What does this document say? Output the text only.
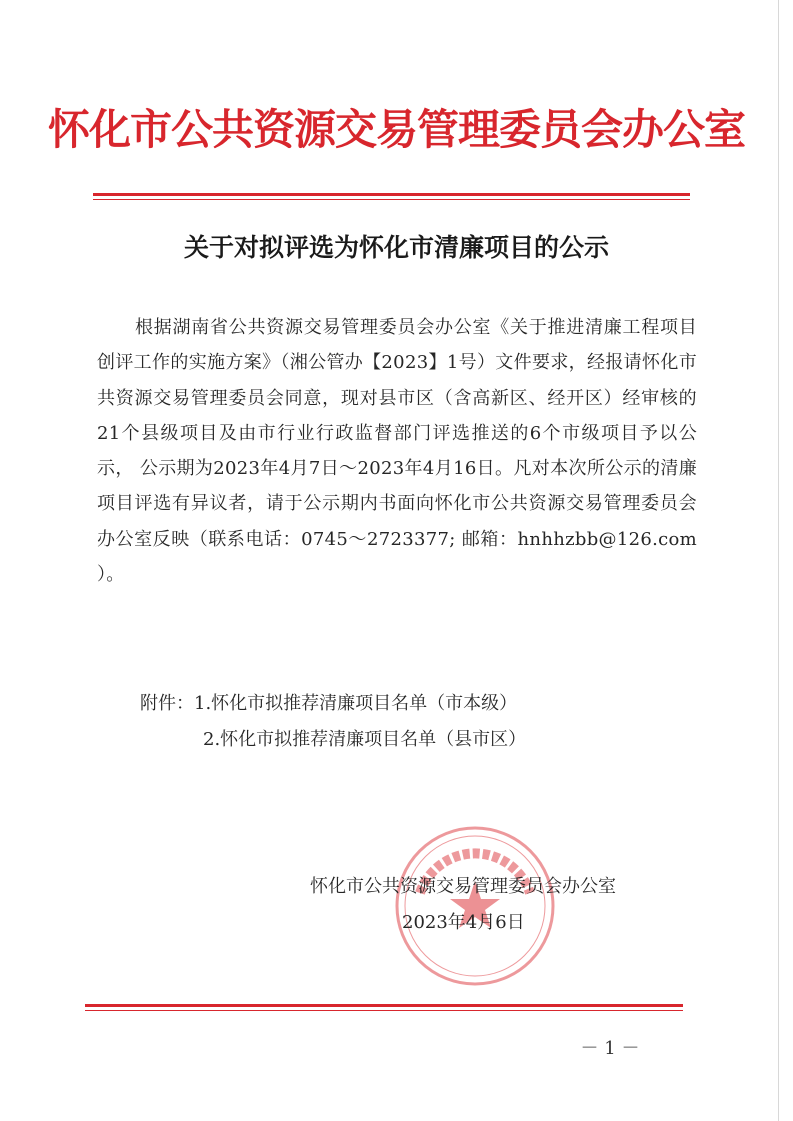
怀化市公共资源交易管理委员会办公室
关于对拟评选为怀化市清廉项目的公示

根据湖南省公共资源交易管理委员会办公室《关于推进清廉工程项目创评工作的实施方案》（湘公管办【2023】1号）文件要求，经报请怀化市共资源交易管理委员会同意，现对县市区（含高新区、经开区）经审核的21个县级项目及由市行业行政监督部门评选推送的6个市级项目予以公示， 公示期为2023年4月7日～2023年4月16日。凡对本次所公示的清廉项目评选有异议者，请于公示期内书面向怀化市公共资源交易管理委员会办公室反映（联系电话：0745～2723377; 邮箱：hnhhzbb@126.com ）。

附件：1.怀化市拟推荐清廉项目名单（市本级）
2.怀化市拟推荐清廉项目名单（县市区）
怀化市公共资源交易管理委员会办公室
2023年4月6日
－ 1 －
